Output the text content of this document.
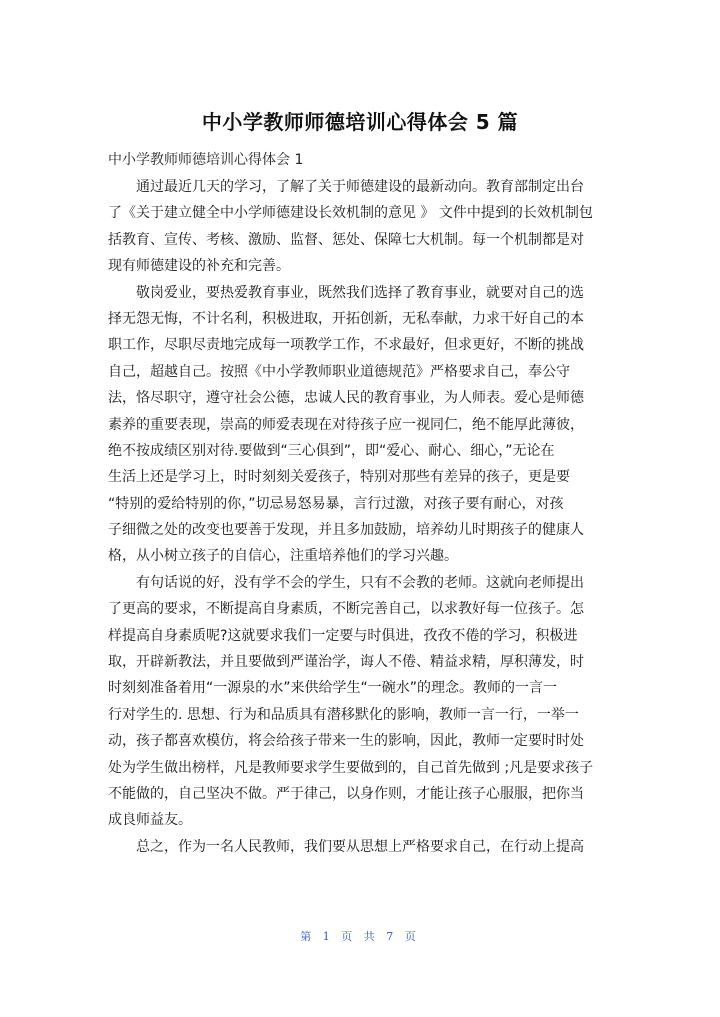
中小学教师师德培训心得体会 5 篇
中小学教师师德培训心得体会 1
通过最近几天的学习，了解了关于师德建设的最新动向。教育部制定出台
了《关于建立健全中小学师德建设长效机制的意见 》 文件中提到的长效机制包
括教育、宣传、考核、激励、监督、惩处、保障七大机制。每一个机制都是对
现有师德建设的补充和完善。
敬岗爱业，要热爱教育事业，既然我们选择了教育事业，就要对自己的选
择无怨无悔，不计名利，积极进取，开拓创新，无私奉献，力求干好自己的本
职工作，尽职尽责地完成每一项教学工作，不求最好，但求更好，不断的挑战
自己，超越自己。按照《中小学教师职业道德规范》严格要求自己，奉公守
法，恪尽职守，遵守社会公德，忠诚人民的教育事业，为人师表。爱心是师德
素养的重要表现，崇高的师爱表现在对待孩子应一视同仁，绝不能厚此薄彼，
绝不按成绩区别对待.要做到“三心俱到”，即“爱心、耐心、细心，”无论在
生活上还是学习上，时时刻刻关爱孩子，特别对那些有差异的孩子，更是要
“特别的爱给特别的你，”切忌易怒易暴，言行过激，对孩子要有耐心，对孩
子细微之处的改变也要善于发现，并且多加鼓励，培养幼儿时期孩子的健康人
格，从小树立孩子的自信心，注重培养他们的学习兴趣。
有句话说的好，没有学不会的学生，只有不会教的老师。这就向老师提出
了更高的要求，不断提高自身素质，不断完善自己，以求教好每一位孩子。怎
样提高自身素质呢?这就要求我们一定要与时俱进，孜孜不倦的学习，积极进
取，开辟新教法，并且要做到严谨治学，诲人不倦、精益求精，厚积薄发，时
时刻刻准备着用“一源泉的水”来供给学生“一碗水”的理念。教师的一言一
行对学生的. 思想、行为和品质具有潜移默化的影响，教师一言一行，一举一
动，孩子都喜欢模仿，将会给孩子带来一生的影响，因此，教师一定要时时处
处为学生做出榜样，凡是教师要求学生要做到的，自己首先做到 ;凡是要求孩子
不能做的，自己坚决不做。严于律己，以身作则，才能让孩子心服服，把你当
成良师益友。
总之，作为一名人民教师，我们要从思想上严格要求自己，在行动上提高
第 1 页 共 7 页
